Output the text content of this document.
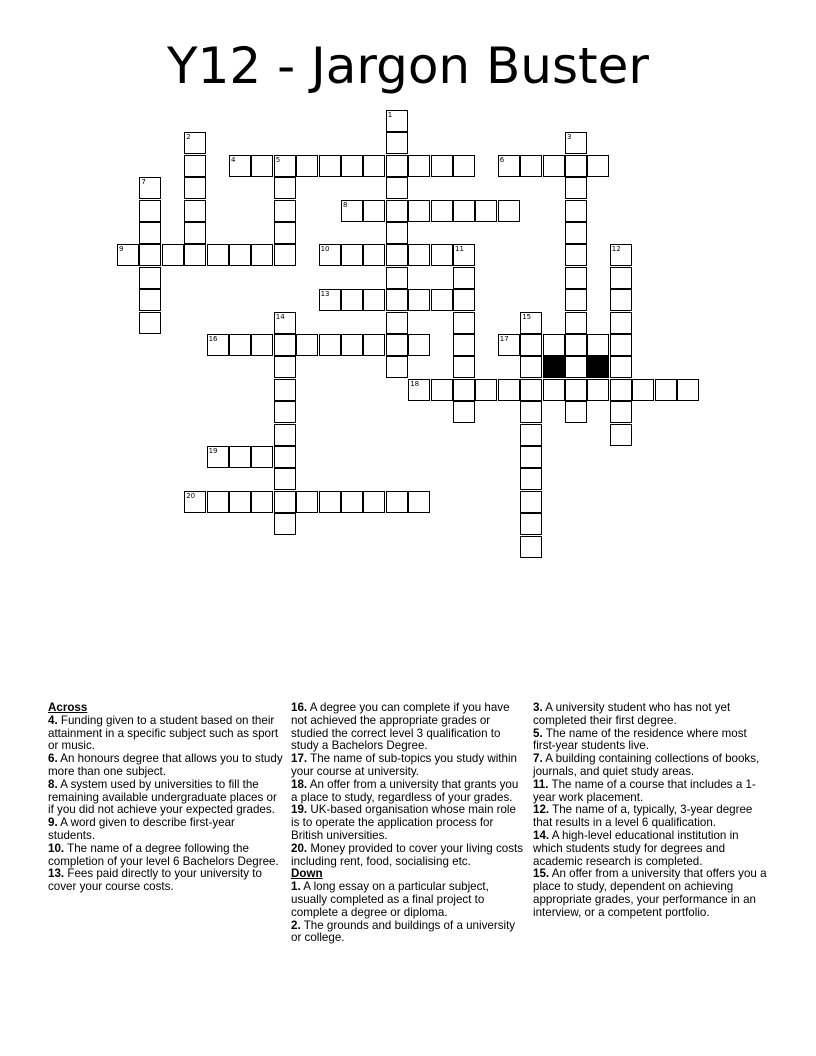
Y12 - Jargon Buster
1
2	3
4	5	6
7
8
9	10	11	12
13
14	15
16	17
18
19
20
Across
4. Funding given to a student based on their attainment in a specific subject such as sport or music.
6. An honours degree that allows you to study more than one subject.
8. A system used by universities to fill the remaining available undergraduate places or if you did not achieve your expected grades.
9. A word given to describe first-year students.
10. The name of a degree following the completion of your level 6 Bachelors Degree.
13. Fees paid directly to your university to cover your course costs.
16. A degree you can complete if you have not achieved the appropriate grades or studied the correct level 3 qualification to study a Bachelors Degree.
17. The name of sub-topics you study within your course at university.
18. An offer from a university that grants you a place to study, regardless of your grades.
19. UK-based organisation whose main role is to operate the application process for British universities.
20. Money provided to cover your living costs including rent, food, socialising etc.
Down
1. A long essay on a particular subject, usually completed as a final project to complete a degree or diploma.
2. The grounds and buildings of a university or college.
3. A university student who has not yet completed their first degree.
5. The name of the residence where most first-year students live.
7. A building containing collections of books, journals, and quiet study areas.
11. The name of a course that includes a 1-year work placement.
12. The name of a, typically, 3-year degree that results in a level 6 qualification.
14. A high-level educational institution in which students study for degrees and academic research is completed.
15. An offer from a university that offers you a place to study, dependent on achieving appropriate grades, your performance in an interview, or a competent portfolio.
